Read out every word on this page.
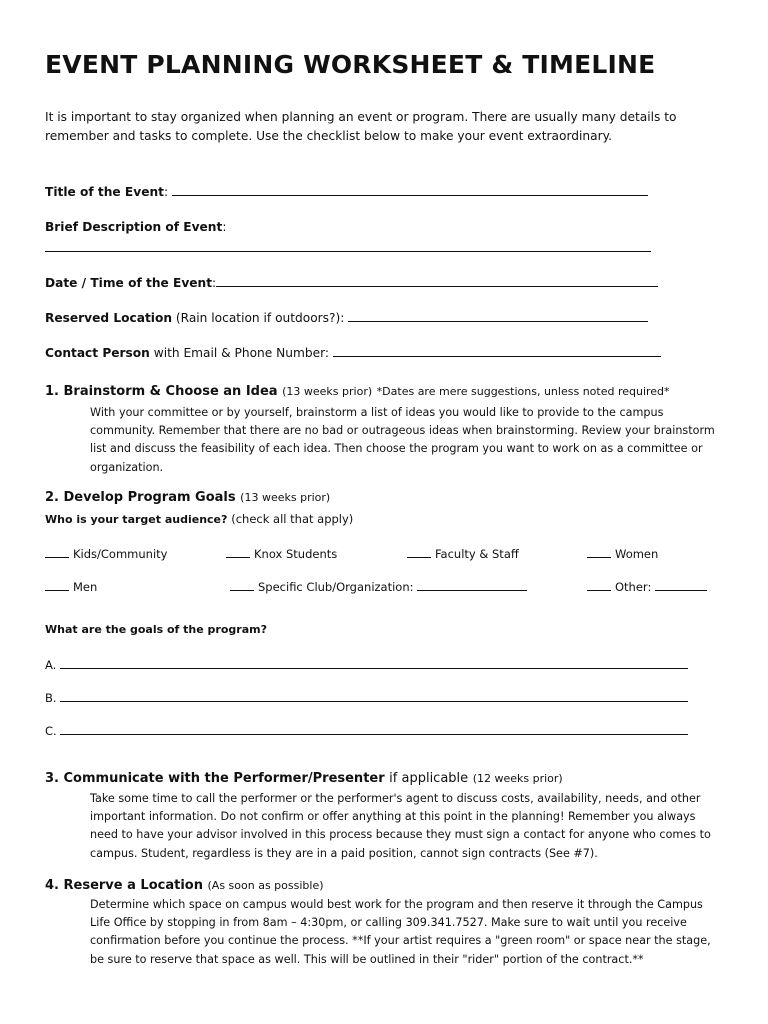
EVENT PLANNING WORKSHEET & TIMELINE

It is important to stay organized when planning an event or program. There are usually many details to remember and tasks to complete. Use the checklist below to make your event extraordinary.

Title of the Event:
Brief Description of Event:
Date / Time of the Event:
Reserved Location (Rain location if outdoors?):
Contact Person with Email & Phone Number:
1. Brainstorm & Choose an Idea (13 weeks prior) *Dates are mere suggestions, unless noted required*

With your committee or by yourself, brainstorm a list of ideas you would like to provide to the campus community. Remember that there are no bad or outrageous ideas when brainstorming. Review your brainstorm list and discuss the feasibility of each idea. Then choose the program you want to work on as a committee or organization.

2. Develop Program Goals (13 weeks prior)
Who is your target audience? (check all that apply)
Kids/Community	Knox Students	Faculty & Staff	Women
Men	Specific Club/Organization:	Other:
What are the goals of the program?
A.
B.
C.
3. Communicate with the Performer/Presenter if applicable (12 weeks prior)

Take some time to call the performer or the performer's agent to discuss costs, availability, needs, and other important information. Do not confirm or offer anything at this point in the planning! Remember you always need to have your advisor involved in this process because they must sign a contact for anyone who comes to campus. Student, regardless is they are in a paid position, cannot sign contracts (See #7).

4. Reserve a Location (As soon as possible)

Determine which space on campus would best work for the program and then reserve it through the Campus Life Office by stopping in from 8am – 4:30pm, or calling 309.341.7527. Make sure to wait until you receive confirmation before you continue the process. **If your artist requires a "green room" or space near the stage, be sure to reserve that space as well. This will be outlined in their "rider" portion of the contract.**
